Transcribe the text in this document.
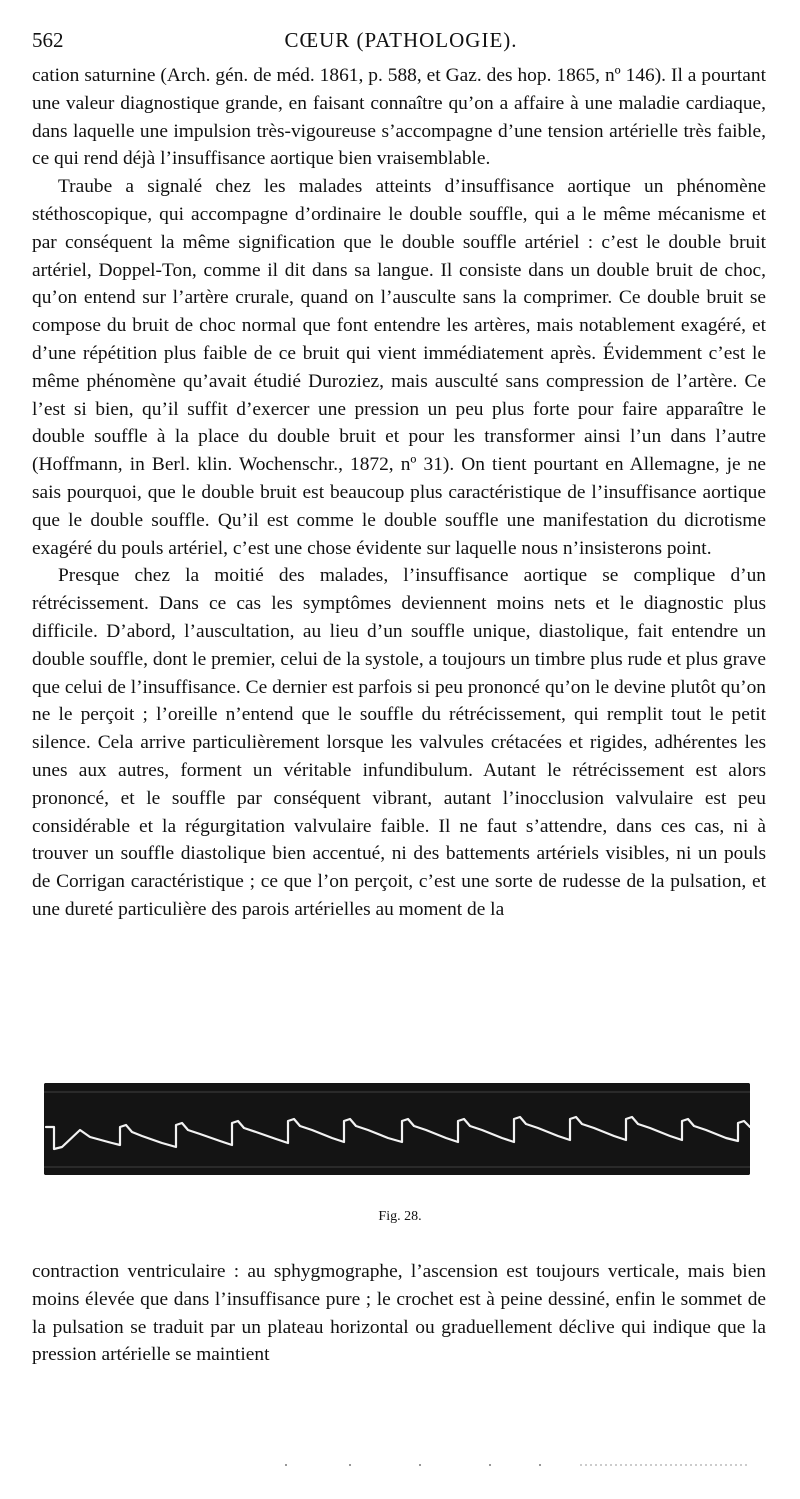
562	CŒUR (PATHOLOGIE).

cation saturnine (Arch. gén. de méd. 1861, p. 588, et Gaz. des hop. 1865, nº 146). Il a pourtant une valeur diagnostique grande, en faisant connaître qu’on a affaire à une maladie cardiaque, dans laquelle une impulsion très-vigoureuse s’accompagne d’une tension artérielle très faible, ce qui rend déjà l’insuffisance aortique bien vraisemblable.

Traube a signalé chez les malades atteints d’insuffisance aortique un phénomène stéthoscopique, qui accompagne d’ordinaire le double souffle, qui a le même mécanisme et par conséquent la même signification que le double souffle artériel : c’est le double bruit artériel, Doppel-Ton, comme il dit dans sa langue. Il consiste dans un double bruit de choc, qu’on entend sur l’artère crurale, quand on l’ausculte sans la comprimer. Ce double bruit se compose du bruit de choc normal que font entendre les artères, mais notablement exagéré, et d’une répétition plus faible de ce bruit qui vient immédiatement après. Évidemment c’est le même phénomène qu’avait étudié Duroziez, mais ausculté sans compression de l’artère. Ce l’est si bien, qu’il suffit d’exercer une pression un peu plus forte pour faire apparaître le double souffle à la place du double bruit et pour les transformer ainsi l’un dans l’autre (Hoffmann, in Berl. klin. Wochenschr., 1872, nº 31). On tient pourtant en Allemagne, je ne sais pourquoi, que le double bruit est beaucoup plus caractéristique de l’insuffisance aortique que le double souffle. Qu’il est comme le double souffle une manifestation du dicrotisme exagéré du pouls artériel, c’est une chose évidente sur laquelle nous n’insisterons point.

Presque chez la moitié des malades, l’insuffisance aortique se complique d’un rétrécissement. Dans ce cas les symptômes deviennent moins nets et le diagnostic plus difficile. D’abord, l’auscultation, au lieu d’un souffle unique, diastolique, fait entendre un double souffle, dont le premier, celui de la systole, a toujours un timbre plus rude et plus grave que celui de l’insuffisance. Ce dernier est parfois si peu prononcé qu’on le devine plutôt qu’on ne le perçoit ; l’oreille n’entend que le souffle du rétrécissement, qui remplit tout le petit silence. Cela arrive particulièrement lorsque les valvules crétacées et rigides, adhérentes les unes aux autres, forment un véritable infundibulum. Autant le rétrécissement est alors prononcé, et le souffle par conséquent vibrant, autant l’inocclusion valvulaire est peu considérable et la régurgitation valvulaire faible. Il ne faut s’attendre, dans ces cas, ni à trouver un souffle diastolique bien accentué, ni des battements artériels visibles, ni un pouls de Corrigan caractéristique ; ce que l’on perçoit, c’est une sorte de rudesse de la pulsation, et une dureté particulière des parois artérielles au moment de la

Fig. 28.

contraction ventriculaire : au sphygmographe, l’ascension est toujours verticale, mais bien moins élevée que dans l’insuffisance pure ; le crochet est à peine dessiné, enfin le sommet de la pulsation se traduit par un plateau horizontal ou graduellement déclive qui indique que la pression artérielle se maintient
